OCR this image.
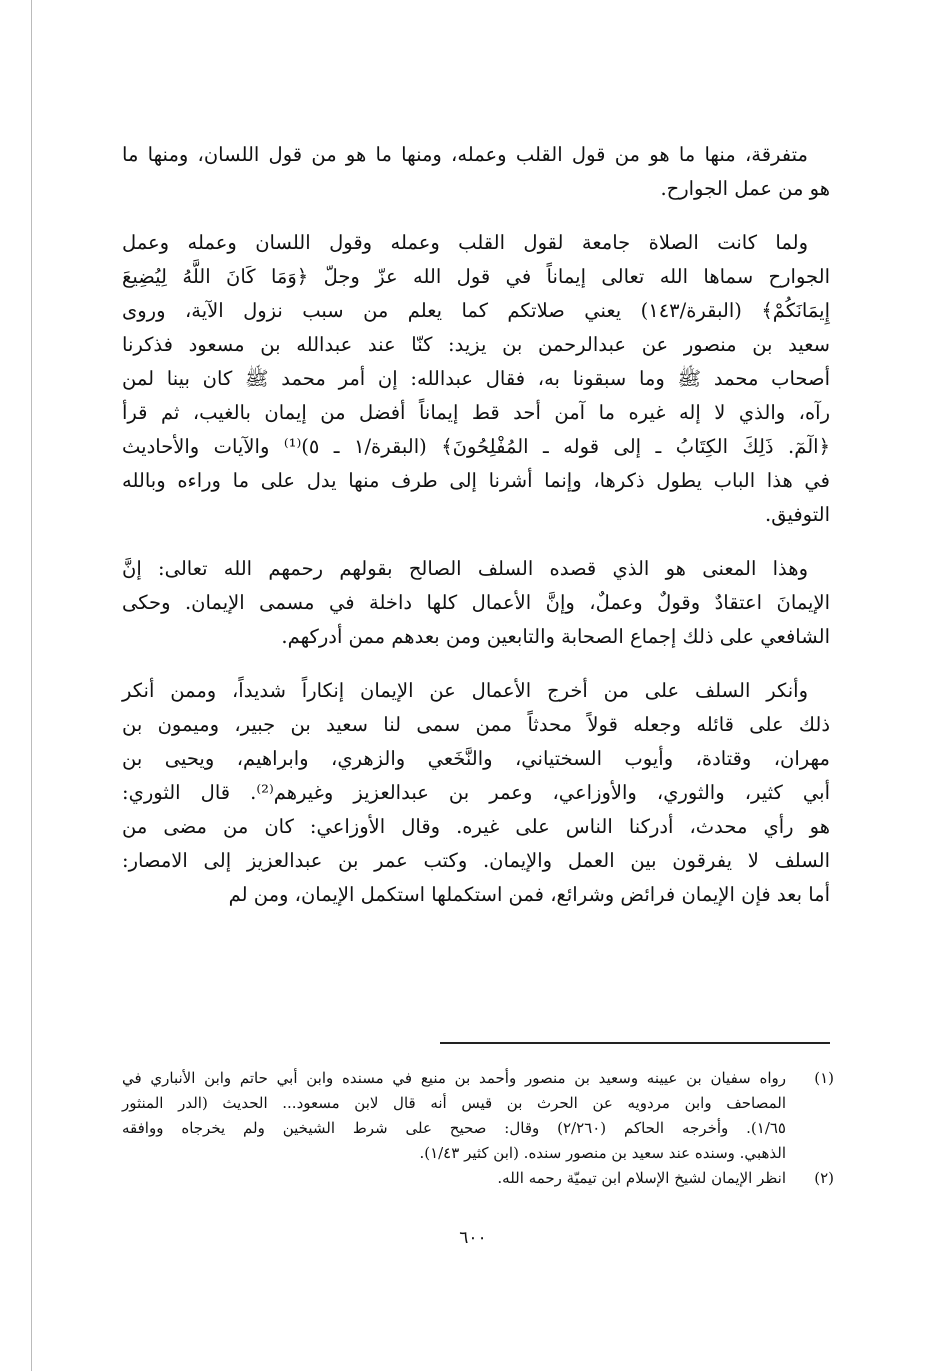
متفرقة، منها ما هو من قول القلب وعمله، ومنها ما هو من قول اللسان، ومنها ما
هو من عمل الجوارح.
ولما كانت الصلاة جامعة لقول القلب وعمله وقول اللسان وعمله وعمل
الجوارح سماها الله تعالى إيماناً في قول الله عزّ وجلّ ﴿وَمَا كَانَ اللَّهُ لِيُضِيعَ
إِيمَانَكُمْ﴾ (البقرة/١٤٣) يعني صلاتكم كما يعلم من سبب نزول الآية، وروى
سعيد بن منصور عن عبدالرحمن بن يزيد: كنّا عند عبدالله بن مسعود فذكرنا
أصحاب محمد ﷺ وما سبقونا به، فقال عبدالله: إن أمر محمد ﷺ كان بينا لمن
رآه، والذي لا إله غيره ما آمن أحد قط إيماناً أفضل من إيمان بالغيب، ثم قرأ
﴿الٓمٓ. ذَلِكَ الكِتَابُ ـ إلى قوله ـ المُفْلِحُونَ﴾ (البقرة/١ ـ ٥)⁽¹⁾ والآيات والأحاديث
في هذا الباب يطول ذكرها، وإنما أشرنا إلى طرف منها يدل على ما وراءه وبالله
التوفيق.
وهذا المعنى هو الذي قصده السلف الصالح بقولهم رحمهم الله تعالى: إنَّ
الإيمانَ اعتقادٌ وقولٌ وعملٌ، وإنَّ الأعمال كلها داخلة في مسمى الإيمان. وحكى
الشافعي على ذلك إجماع الصحابة والتابعين ومن بعدهم ممن أدركهم.
وأنكر السلف على من أخرج الأعمال عن الإيمان إنكاراً شديداً، وممن أنكر
ذلك على قائله وجعله قولاً محدثاً ممن سمى لنا سعيد بن جبير، وميمون بن
مهران، وقتادة، وأيوب السختياني، والنَّخَعي والزهري، وابراهيم، ويحيى بن
أبي كثير، والثوري، والأوزاعي، وعمر بن عبدالعزيز وغيرهم⁽²⁾. قال الثوري:
هو رأي محدث، أدركنا الناس على غيره. وقال الأوزاعي: كان من مضى من
السلف لا يفرقون بين العمل والإيمان. وكتب عمر بن عبدالعزيز إلى الامصار:
أما بعد فإن الإيمان فرائض وشرائع، فمن استكملها استكمل الإيمان، ومن لم
(١)
رواه سفيان بن عيينه وسعيد بن منصور وأحمد بن منيع في مسنده وابن أبي حاتم وابن الأنباري في
المصاحف وابن مردويه عن الحرث بن قيس أنه قال لابن مسعود... الحديث (الدر المنثور
١/٦٥). وأخرجه الحاكم (٢/٢٦٠) وقال: صحيح على شرط الشيخين ولم يخرجاه ووافقه
الذهبي. وسنده عند سعيد بن منصور سنده. (ابن كثير ١/٤٣).
(٢)
انظر الإيمان لشيخ الإسلام ابن تيميّة رحمه الله.
٦٠٠
